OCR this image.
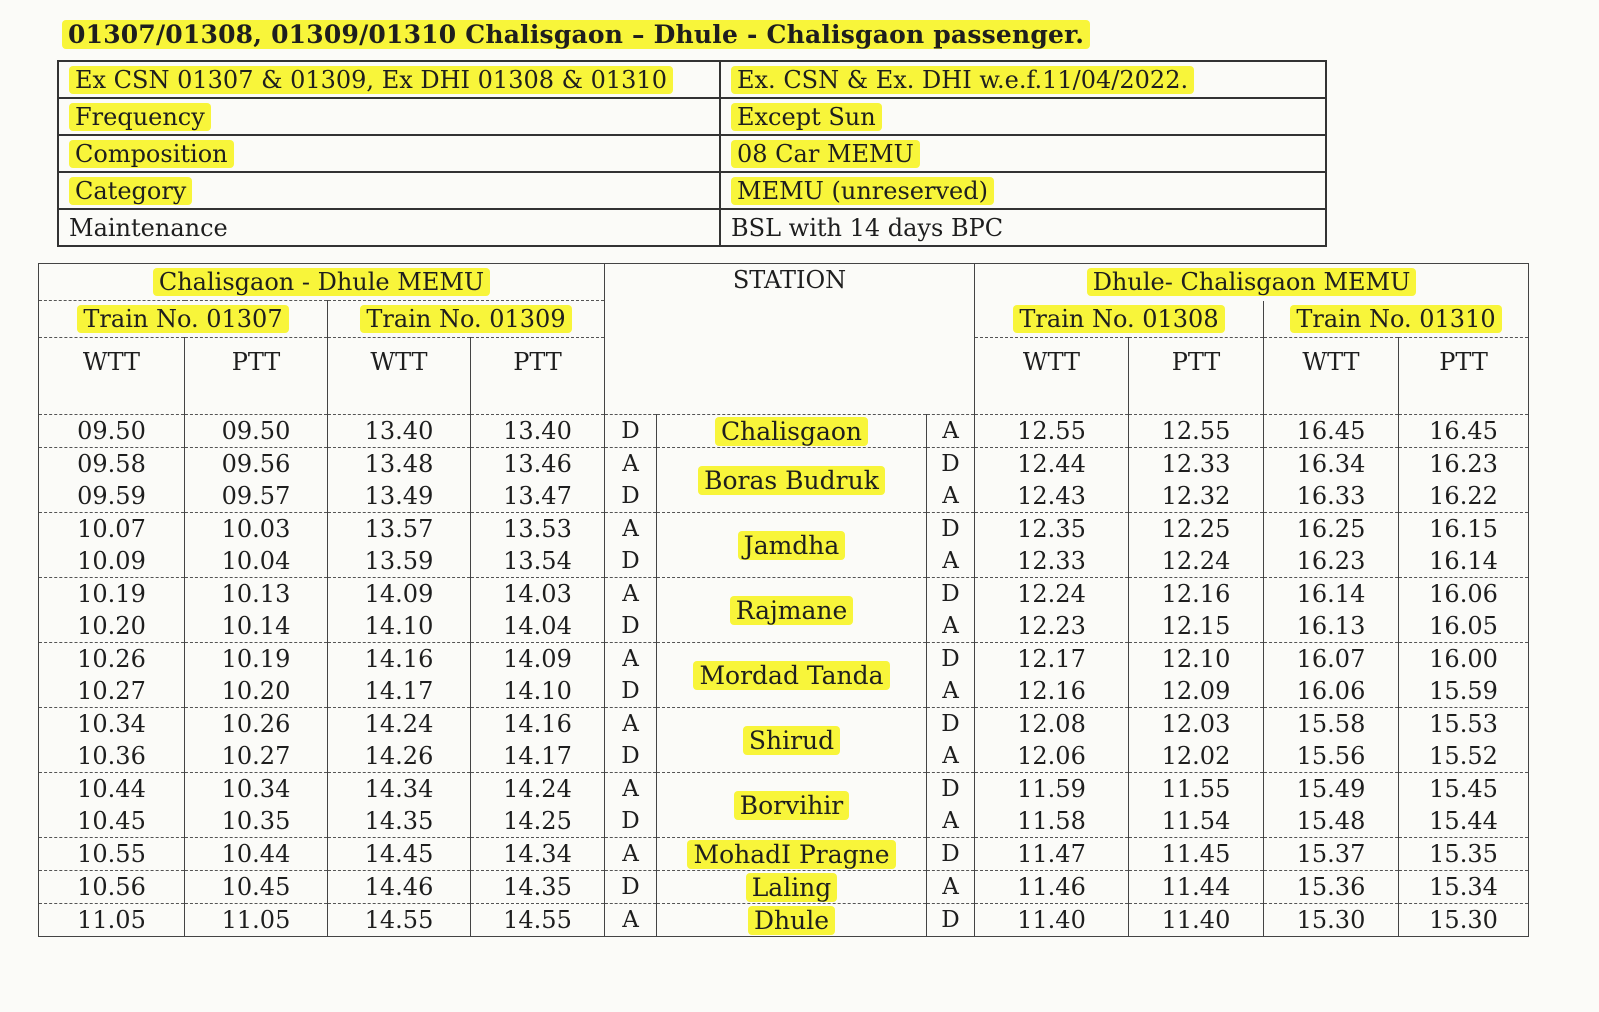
01307/01308, 01309/01310 Chalisgaon – Dhule - Chalisgaon passenger.
Ex CSN 01307 & 01309, Ex DHI 01308 & 01310	Ex. CSN & Ex. DHI w.e.f.11/04/2022.
Frequency	Except Sun
Composition	08 Car MEMU
Category	MEMU (unreserved)
Maintenance	BSL with 14 days BPC
Chalisgaon - Dhule MEMU				STATION			Dhule- Chalisgaon MEMU			
Train No. 01307		Train No. 01309					Train No. 01308		Train No. 01310	
WTT	PTT	WTT	PTT				WTT	PTT	WTT	PTT
09.50	09.50	13.40	13.40	D	Chalisgaon	A	12.55	12.55	16.45	16.45
09.58	09.56	13.48	13.46	A	Boras Budruk	D	12.44	12.33	16.34	16.23
09.59	09.57	13.49	13.47	D		A	12.43	12.32	16.33	16.22
10.07	10.03	13.57	13.53	A	Jamdha	D	12.35	12.25	16.25	16.15
10.09	10.04	13.59	13.54	D		A	12.33	12.24	16.23	16.14
10.19	10.13	14.09	14.03	A	Rajmane	D	12.24	12.16	16.14	16.06
10.20	10.14	14.10	14.04	D		A	12.23	12.15	16.13	16.05
10.26	10.19	14.16	14.09	A	Mordad Tanda	D	12.17	12.10	16.07	16.00
10.27	10.20	14.17	14.10	D		A	12.16	12.09	16.06	15.59
10.34	10.26	14.24	14.16	A	Shirud	D	12.08	12.03	15.58	15.53
10.36	10.27	14.26	14.17	D		A	12.06	12.02	15.56	15.52
10.44	10.34	14.34	14.24	A	Borvihir	D	11.59	11.55	15.49	15.45
10.45	10.35	14.35	14.25	D		A	11.58	11.54	15.48	15.44
10.55	10.44	14.45	14.34	A	MohadI Pragne	D	11.47	11.45	15.37	15.35
10.56	10.45	14.46	14.35	D	Laling	A	11.46	11.44	15.36	15.34
11.05	11.05	14.55	14.55	A	Dhule	D	11.40	11.40	15.30	15.30
